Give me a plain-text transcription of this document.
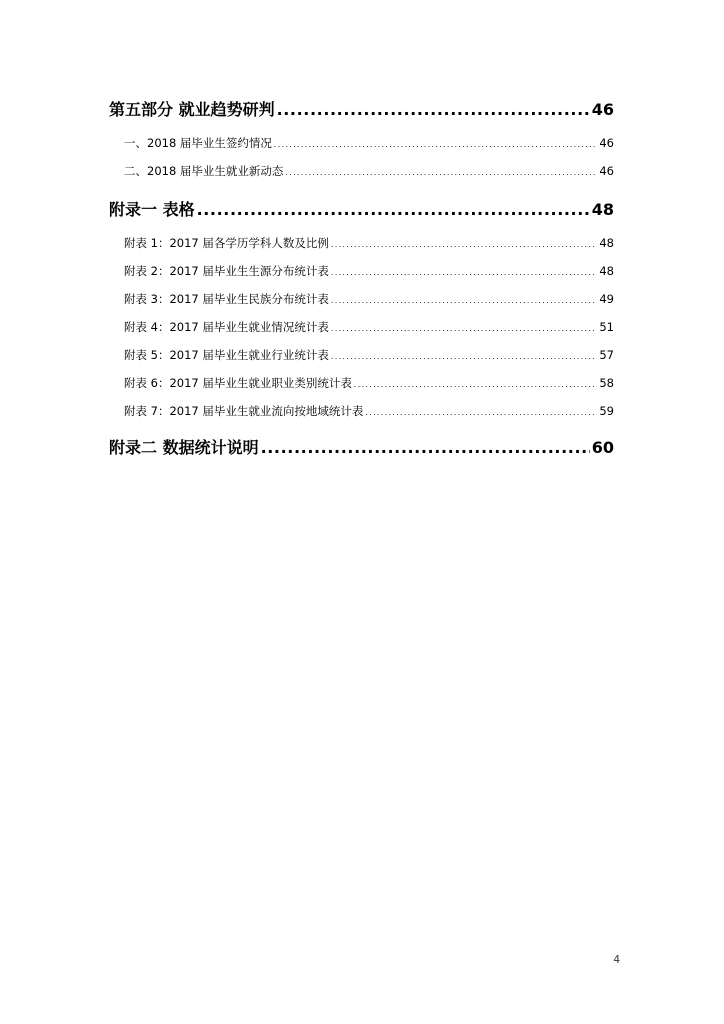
第五部分 就业趋势研判 .....	46
一、2018 届毕业生签约情况 .....	46
二、2018 届毕业生就业新动态 .....	46
附录一 表格 .....	48
附表 1：2017 届各学历学科人数及比例 .....	48
附表 2：2017 届毕业生生源分布统计表 .....	48
附表 3：2017 届毕业生民族分布统计表 .....	49
附表 4：2017 届毕业生就业情况统计表 .....	51
附表 5：2017 届毕业生就业行业统计表 .....	57
附表 6：2017 届毕业生就业职业类别统计表 .....	58
附表 7：2017 届毕业生就业流向按地域统计表 .....	59
附录二 数据统计说明 .....	60
4
